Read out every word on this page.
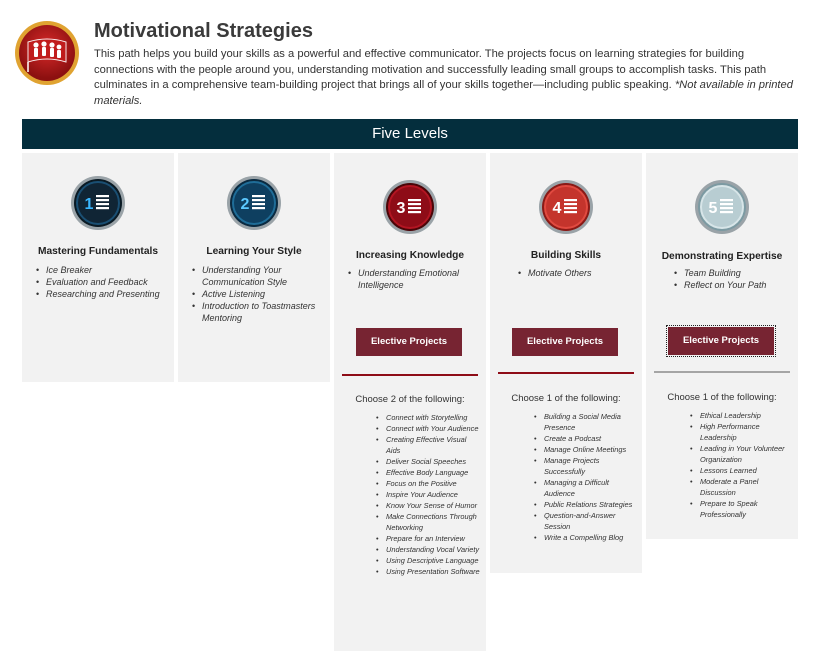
Motivational Strategies

This path helps you build your skills as a powerful and effective communicator. The projects focus on learning strategies for building connections with the people around you, understanding motivation and successfully leading small groups to accomplish tasks. This path culminates in a comprehensive team-building project that brings all of your skills together—including public speaking. *Not available in printed materials.

Five Levels
1

Mastering Fundamentals

• Ice Breaker
• Evaluation and Feedback
• Researching and Presenting
2

Learning Your Style

• Understanding Your Communication Style
• Active Listening
• Introduction to Toastmasters Mentoring
3

Increasing Knowledge

• Understanding Emotional Intelligence
Elective Projects

Choose 2 of the following:

• Connect with Storytelling
• Connect with Your Audience
• Creating Effective Visual Aids
• Deliver Social Speeches
• Effective Body Language
• Focus on the Positive
• Inspire Your Audience
• Know Your Sense of Humor
• Make Connections Through Networking
• Prepare for an Interview
• Understanding Vocal Variety
• Using Descriptive Language
• Using Presentation Software
4

Building Skills

• Motivate Others
Elective Projects

Choose 1 of the following:

• Building a Social Media Presence
• Create a Podcast
• Manage Online Meetings
• Manage Projects Successfully
• Managing a Difficult Audience
• Public Relations Strategies
• Question-and-Answer Session
• Write a Compelling Blog
5

Demonstrating Expertise

• Team Building
• Reflect on Your Path
Elective Projects

Choose 1 of the following:

• Ethical Leadership
• High Performance Leadership
• Leading in Your Volunteer Organization
• Lessons Learned
• Moderate a Panel Discussion
• Prepare to Speak Professionally
